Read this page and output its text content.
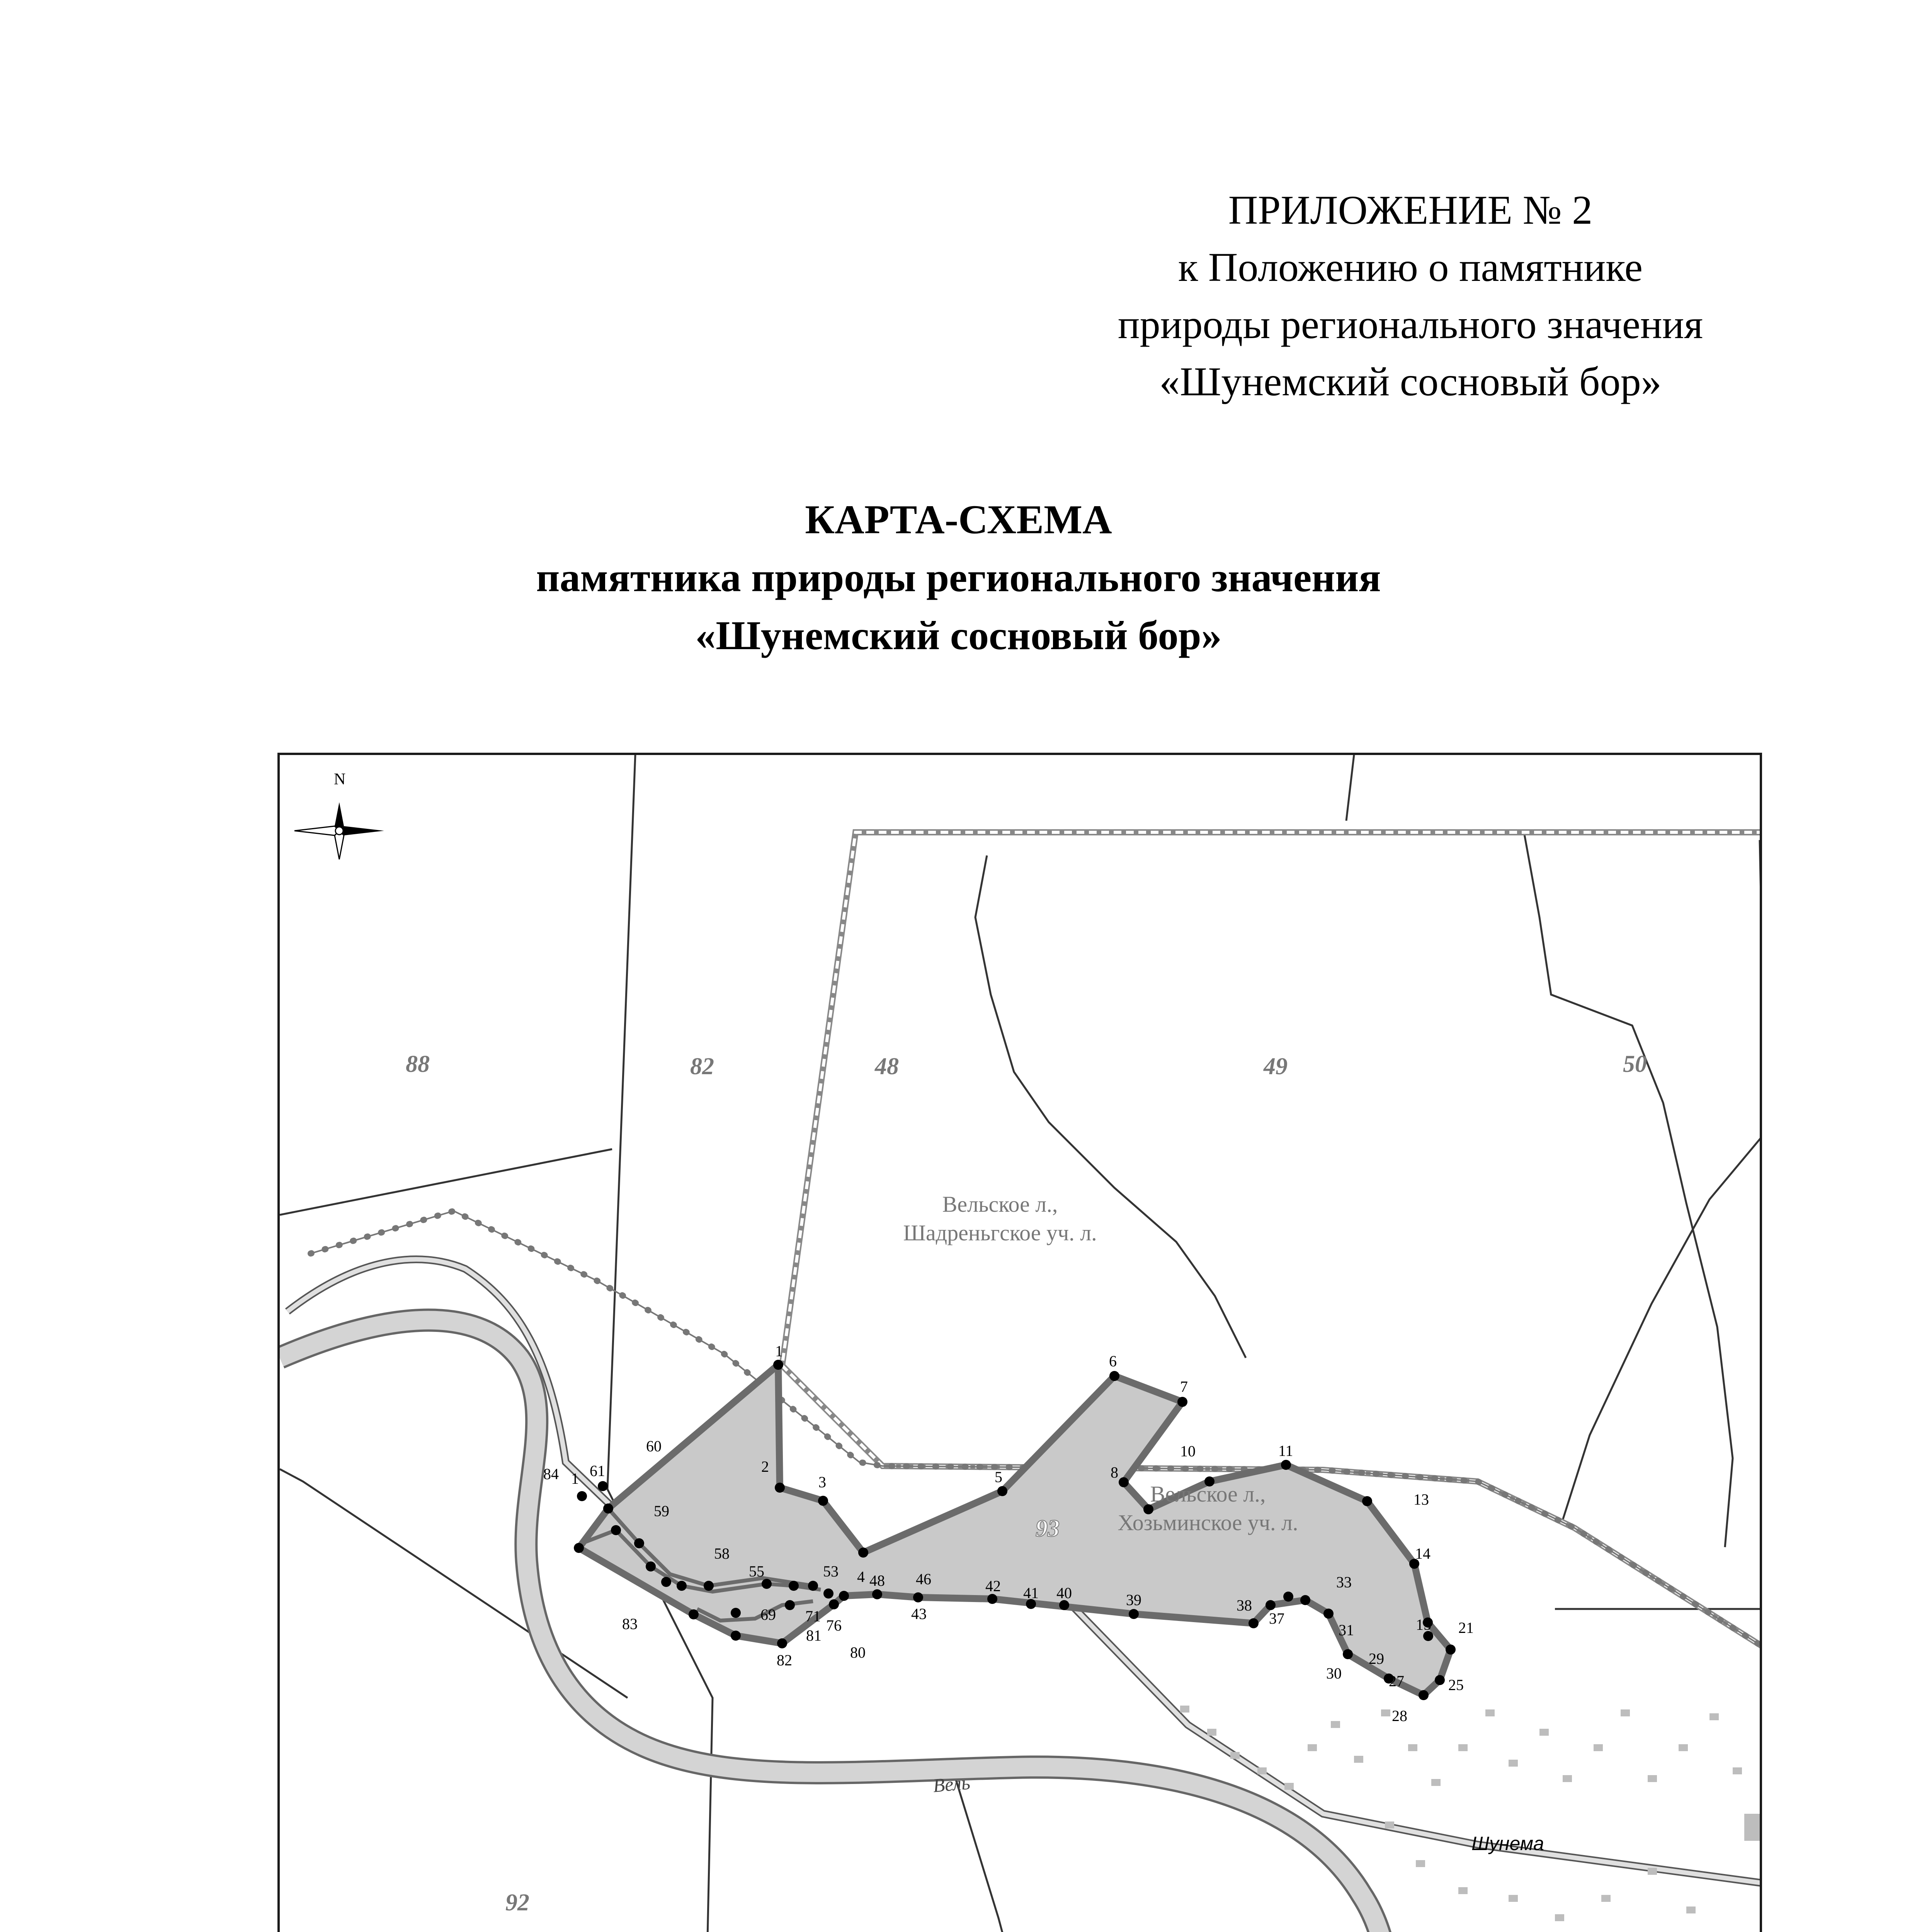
ПРИЛОЖЕНИЕ № 2
к Положению о памятнике
природы регионального значения
«Шунемский сосновый бор»
КАРТА-СХЕМА
памятника природы регионального значения
«Шунемский сосновый бор»
1
2
3
4
5
6
7
8
10	11
13
14
15 21
25
27
28
29
30
31
33
37
38
39
40
41
42
43
46
48
53
55
58
59
60
61
69 71
76
80
81
82
83
84 1
88	82	48	49	50
92
93
Вельское л.,
Шадреньгское уч. л.
Вельское л.,
Хозьминское уч. л.
Шунема
Вель
N
